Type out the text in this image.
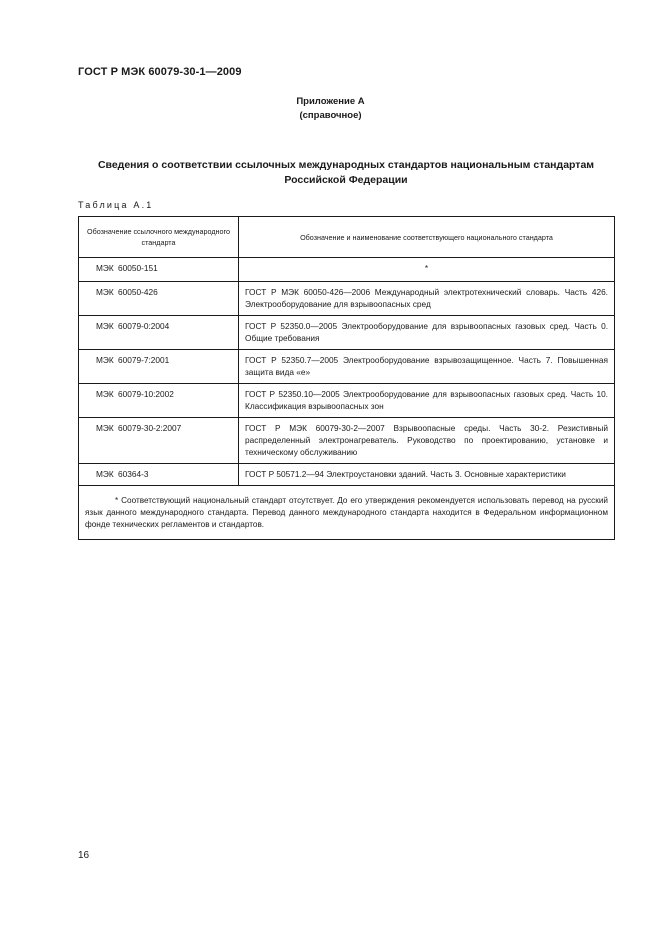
ГОСТ Р МЭК 60079-30-1—2009
Приложение А
(справочное)
Сведения о соответствии ссылочных международных стандартов национальным стандартам Российской Федерации
Таблица А.1
Обозначение ссылочного международного стандарта	Обозначение и наименование соответствующего национального стандарта
МЭК 60050-151	*
МЭК 60050-426	ГОСТ Р МЭК 60050-426—2006 Международный электротехнический словарь. Часть 426. Электрооборудование для взрывоопасных сред
МЭК 60079-0:2004	ГОСТ Р 52350.0—2005 Электрооборудование для взрывоопасных газовых сред. Часть 0. Общие требования
МЭК 60079-7:2001	ГОСТ Р 52350.7—2005 Электрооборудование взрывозащищенное. Часть 7. Повышенная защита вида «е»
МЭК 60079-10:2002	ГОСТ Р 52350.10—2005 Электрооборудование для взрывоопасных газовых сред. Часть 10. Классификация взрывоопасных зон
МЭК 60079-30-2:2007	ГОСТ Р МЭК 60079-30-2—2007 Взрывоопасные среды. Часть 30-2. Резистивный распределенный электронагреватель. Руководство по проектированию, установке и техническому обслуживанию
МЭК 60364-3	ГОСТ Р 50571.2—94 Электроустановки зданий. Часть 3. Основные характеристики
* Соответствующий национальный стандарт отсутствует. До его утверждения рекомендуется использовать перевод на русский язык данного международного стандарта. Перевод данного международного стандарта находится в Федеральном информационном фонде технических регламентов и стандартов.	
16
